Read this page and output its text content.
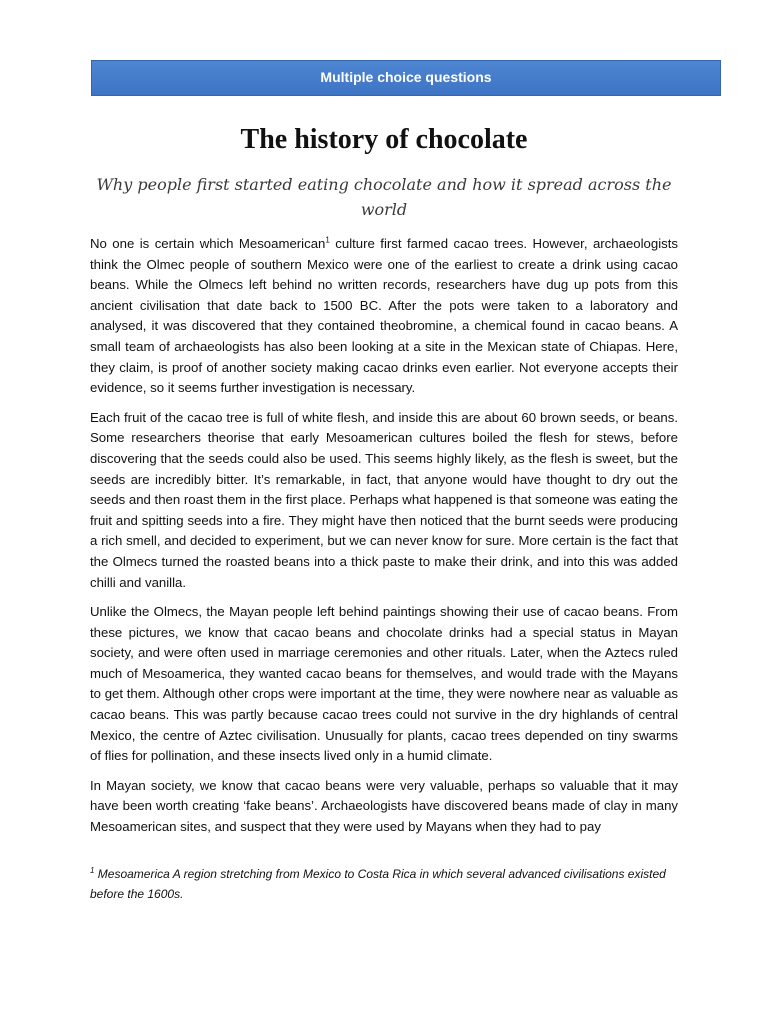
Multiple choice questions
The history of chocolate

Why people first started eating chocolate and how it spread across the world

No one is certain which Mesoamerican$^1$ culture first farmed cacao trees. However, archaeologists think the Olmec people of southern Mexico were one of the earliest to create a drink using cacao beans. While the Olmecs left behind no written records, researchers have dug up pots from this ancient civilisation that date back to 1500 BC. After the pots were taken to a laboratory and analysed, it was discovered that they contained theobromine, a chemical found in cacao beans. A small team of archaeologists has also been looking at a site in the Mexican state of Chiapas. Here, they claim, is proof of another society making cacao drinks even earlier. Not everyone accepts their evidence, so it seems further investigation is necessary.

Each fruit of the cacao tree is full of white flesh, and inside this are about 60 brown seeds, or beans. Some researchers theorise that early Mesoamerican cultures boiled the flesh for stews, before discovering that the seeds could also be used. This seems highly likely, as the flesh is sweet, but the seeds are incredibly bitter. It’s remarkable, in fact, that anyone would have thought to dry out the seeds and then roast them in the first place. Perhaps what happened is that someone was eating the fruit and spitting seeds into a fire. They might have then noticed that the burnt seeds were producing a rich smell, and decided to experiment, but we can never know for sure. More certain is the fact that the Olmecs turned the roasted beans into a thick paste to make their drink, and into this was added chilli and vanilla.

Unlike the Olmecs, the Mayan people left behind paintings showing their use of cacao beans. From these pictures, we know that cacao beans and chocolate drinks had a special status in Mayan society, and were often used in marriage ceremonies and other rituals. Later, when the Aztecs ruled much of Mesoamerica, they wanted cacao beans for themselves, and would trade with the Mayans to get them. Although other crops were important at the time, they were nowhere near as valuable as cacao beans. This was partly because cacao trees could not survive in the dry highlands of central Mexico, the centre of Aztec civilisation. Unusually for plants, cacao trees depended on tiny swarms of flies for pollination, and these insects lived only in a humid climate.

In Mayan society, we know that cacao beans were very valuable, perhaps so valuable that it may have been worth creating ‘fake beans’. Archaeologists have discovered beans made of clay in many Mesoamerican sites, and suspect that they were used by Mayans when they had to pay

$^1$ Mesoamerica A region stretching from Mexico to Costa Rica in which several advanced civilisations existed before the 1600s.
